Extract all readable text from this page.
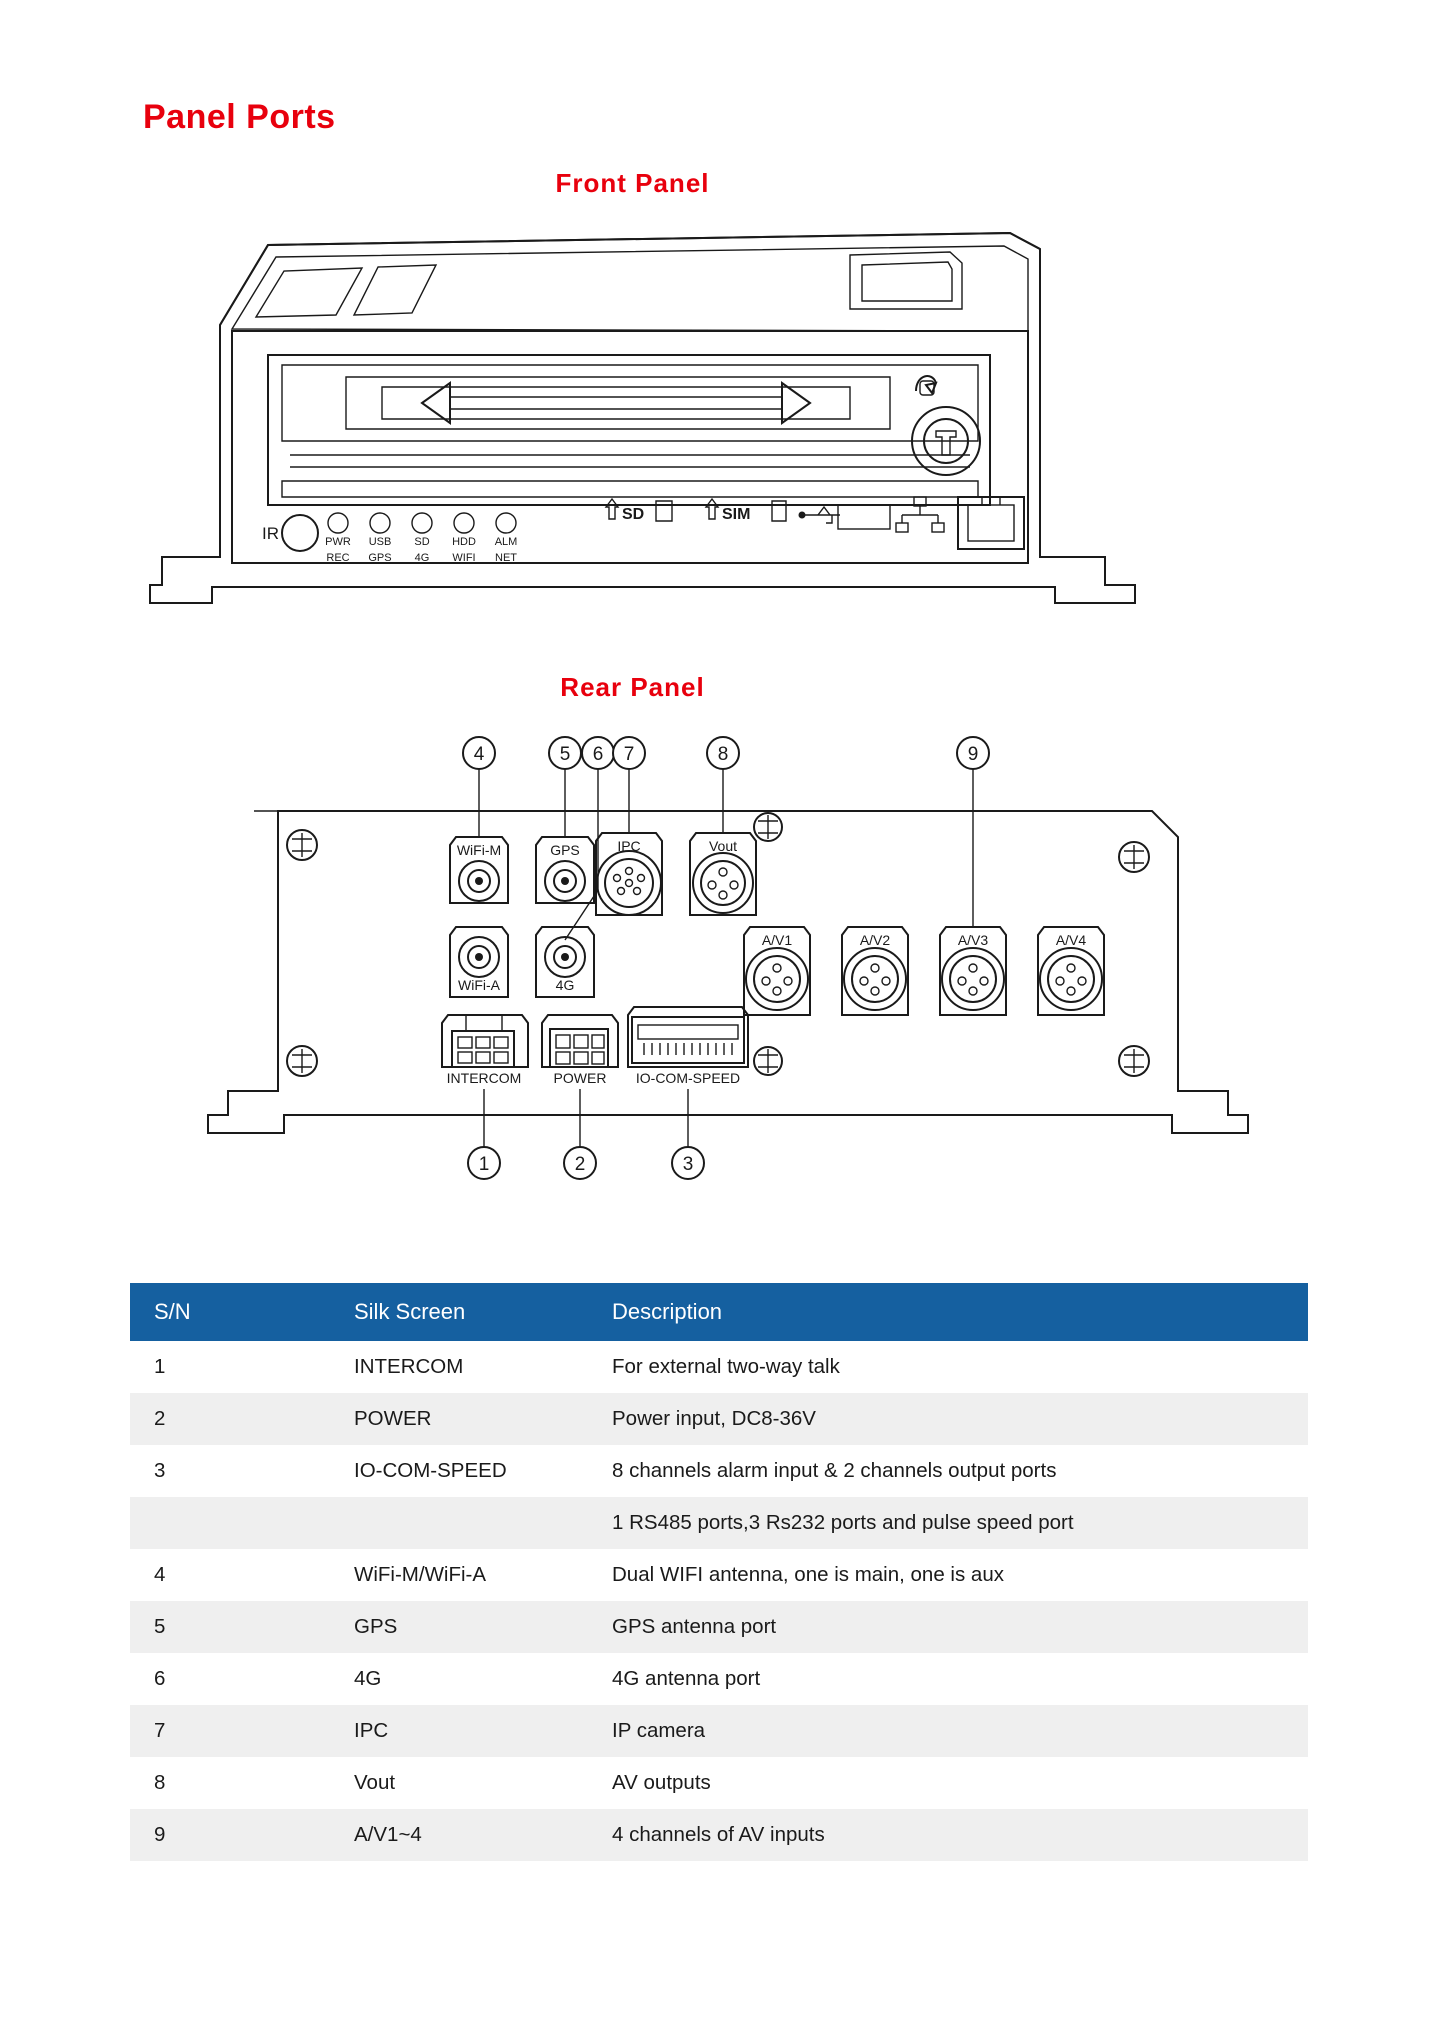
Panel Ports
Front Panel
PWR USB SD HDD ALM
REC GPS 4G WIFI NET
IR
SD	SIM
Rear Panel
WiFi-M	GPS	IPC	Vout
WiFi-A	4G
A/V1	A/V2	A/V3	A/V4
INTERCOM POWER IO-COM-SPEED
4	5 6 7	8	9
1	2	3
S/N	Silk Screen	Description
1	INTERCOM	For external two-way talk
2	POWER	Power input, DC8-36V
3	IO-COM-SPEED	8 channels alarm input & 2 channels output ports
		1 RS485 ports,3 Rs232 ports and pulse speed port
4	WiFi-M/WiFi-A	Dual WIFI antenna, one is main, one is aux
5	GPS	GPS antenna port
6	4G	4G antenna port
7	IPC	IP camera
8	Vout	AV outputs
9	A/V1~4	4 channels of AV inputs
